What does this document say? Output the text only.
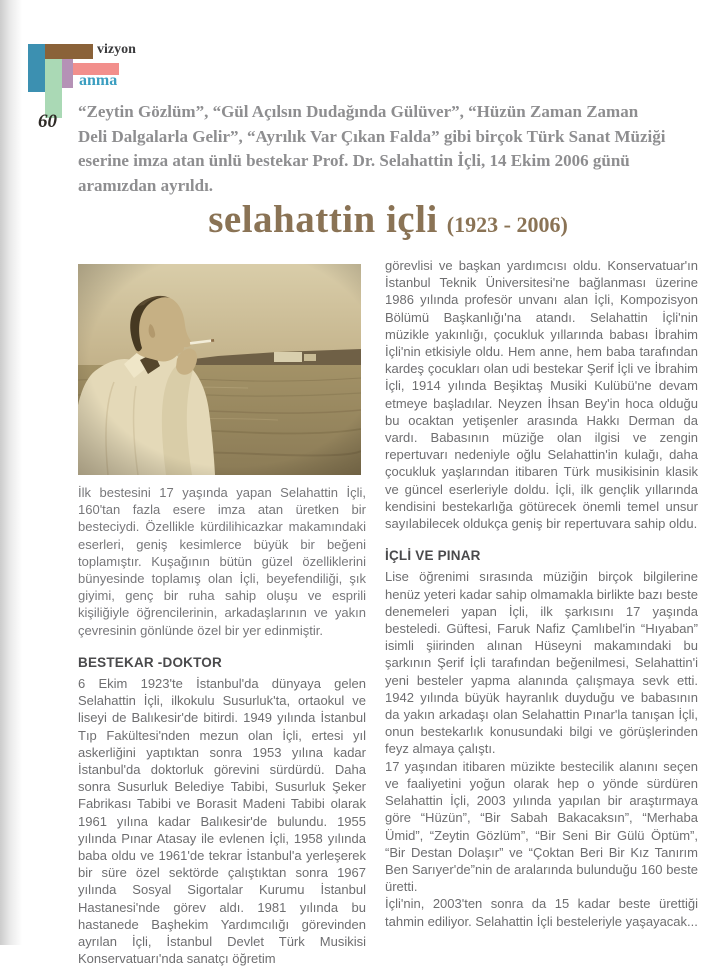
vizyon

anma

60 “Zeytin Gözlüm”, “Gül Açılsın Dudağında Gülüver”, “Hüzün Zaman Zaman Deli Dalgalarla Gelir”, “Ayrılık Var Çıkan Falda” gibi birçok Türk Sanat Müziği eserine imza atan ünlü bestekar Prof. Dr. Selahattin İçli, 14 Ekim 2006 günü aramızdan ayrıldı.

selahattin içli (1923 - 2006)

İlk bestesini 17 yaşında yapan Selahattin İçli, 160'tan fazla esere imza atan üretken bir besteciydi. Özellikle kürdilihicazkar makamındaki eserleri, geniş kesimlerce büyük bir beğeni toplamıştır. Kuşağının bütün güzel özelliklerini bünyesinde toplamış olan İçli, beyefendiliği, şık giyimi, genç bir ruha sahip oluşu ve esprili kişiliğiyle öğrencilerinin, arkadaşlarının ve yakın çevresinin gönlünde özel bir yer edinmiştir.

BESTEKAR -DOKTOR

6 Ekim 1923'te İstanbul'da dünyaya gelen Selahattin İçli, ilkokulu Susurluk'ta, ortaokul ve liseyi de Balıkesir'de bitirdi. 1949 yılında İstanbul Tıp Fakültesi'nden mezun olan İçli, ertesi yıl askerliğini yaptıktan sonra 1953 yılına kadar İstanbul'da doktorluk görevini sürdürdü. Daha sonra Susurluk Belediye Tabibi, Susurluk Şeker Fabrikası Tabibi ve Borasit Madeni Tabibi olarak 1961 yılına kadar Balıkesir'de bulundu. 1955 yılında Pınar Atasay ile evlenen İçli, 1958 yılında baba oldu ve 1961'de tekrar İstanbul'a yerleşerek bir süre özel sektörde çalıştıktan sonra 1967 yılında Sosyal Sigortalar Kurumu İstanbul Hastanesi'nde görev aldı. 1981 yılında bu hastanede Başhekim Yardımcılığı görevinden ayrılan İçli, İstanbul Devlet Türk Musikisi Konservatuarı'nda sanatçı öğretim

görevlisi ve başkan yardımcısı oldu. Konservatuar'ın İstanbul Teknik Üniversitesi'ne bağlanması üzerine 1986 yılında profesör unvanı alan İçli, Kompozisyon Bölümü Başkanlığı'na atandı. Selahattin İçli'nin müzikle yakınlığı, çocukluk yıllarında babası İbrahim İçli'nin etkisiyle oldu. Hem anne, hem baba tarafından kardeş çocukları olan udi bestekar Şerif İçli ve İbrahim İçli, 1914 yılında Beşiktaş Musiki Kulübü'ne devam etmeye başladılar. Neyzen İhsan Bey'in hoca olduğu bu ocaktan yetişenler arasında Hakkı Derman da vardı. Babasının müziğe olan ilgisi ve zengin repertuvarı nedeniyle oğlu Selahattin'in kulağı, daha çocukluk yaşlarından itibaren Türk musikisinin klasik ve güncel eserleriyle doldu. İçli, ilk gençlik yıllarında kendisini bestekarlığa götürecek önemli temel unsur sayılabilecek oldukça geniş bir repertuvara sahip oldu.

İÇLİ VE PINAR

Lise öğrenimi sırasında müziğin birçok bilgilerine henüz yeteri kadar sahip olmamakla birlikte bazı beste denemeleri yapan İçli, ilk şarkısını 17 yaşında besteledi. Güftesi, Faruk Nafiz Çamlıbel'in “Hıyaban” isimli şiirinden alınan Hüseyni makamındaki bu şarkının Şerif İçli tarafından beğenilmesi, Selahattin'i yeni besteler yapma alanında çalışmaya sevk etti. 1942 yılında büyük hayranlık duyduğu ve babasının da yakın arkadaşı olan Selahattin Pınar'la tanışan İçli, onun bestekarlık konusundaki bilgi ve görüşlerinden feyz almaya çalıştı.

17 yaşından itibaren müzikte bestecilik alanını seçen ve faaliyetini yoğun olarak hep o yönde sürdüren Selahattin İçli, 2003 yılında yapılan bir araştırmaya göre “Hüzün”, “Bir Sabah Bakacaksın”, “Merhaba Ümid”, “Zeytin Gözlüm”, “Bir Seni Bir Gülü Öptüm”, “Bir Destan Dolaşır” ve “Çoktan Beri Bir Kız Tanırım Ben Sarıyer'de”nin de aralarında bulunduğu 160 beste üretti.

İçli'nin, 2003'ten sonra da 15 kadar beste ürettiği tahmin ediliyor. Selahattin İçli besteleriyle yaşayacak...
